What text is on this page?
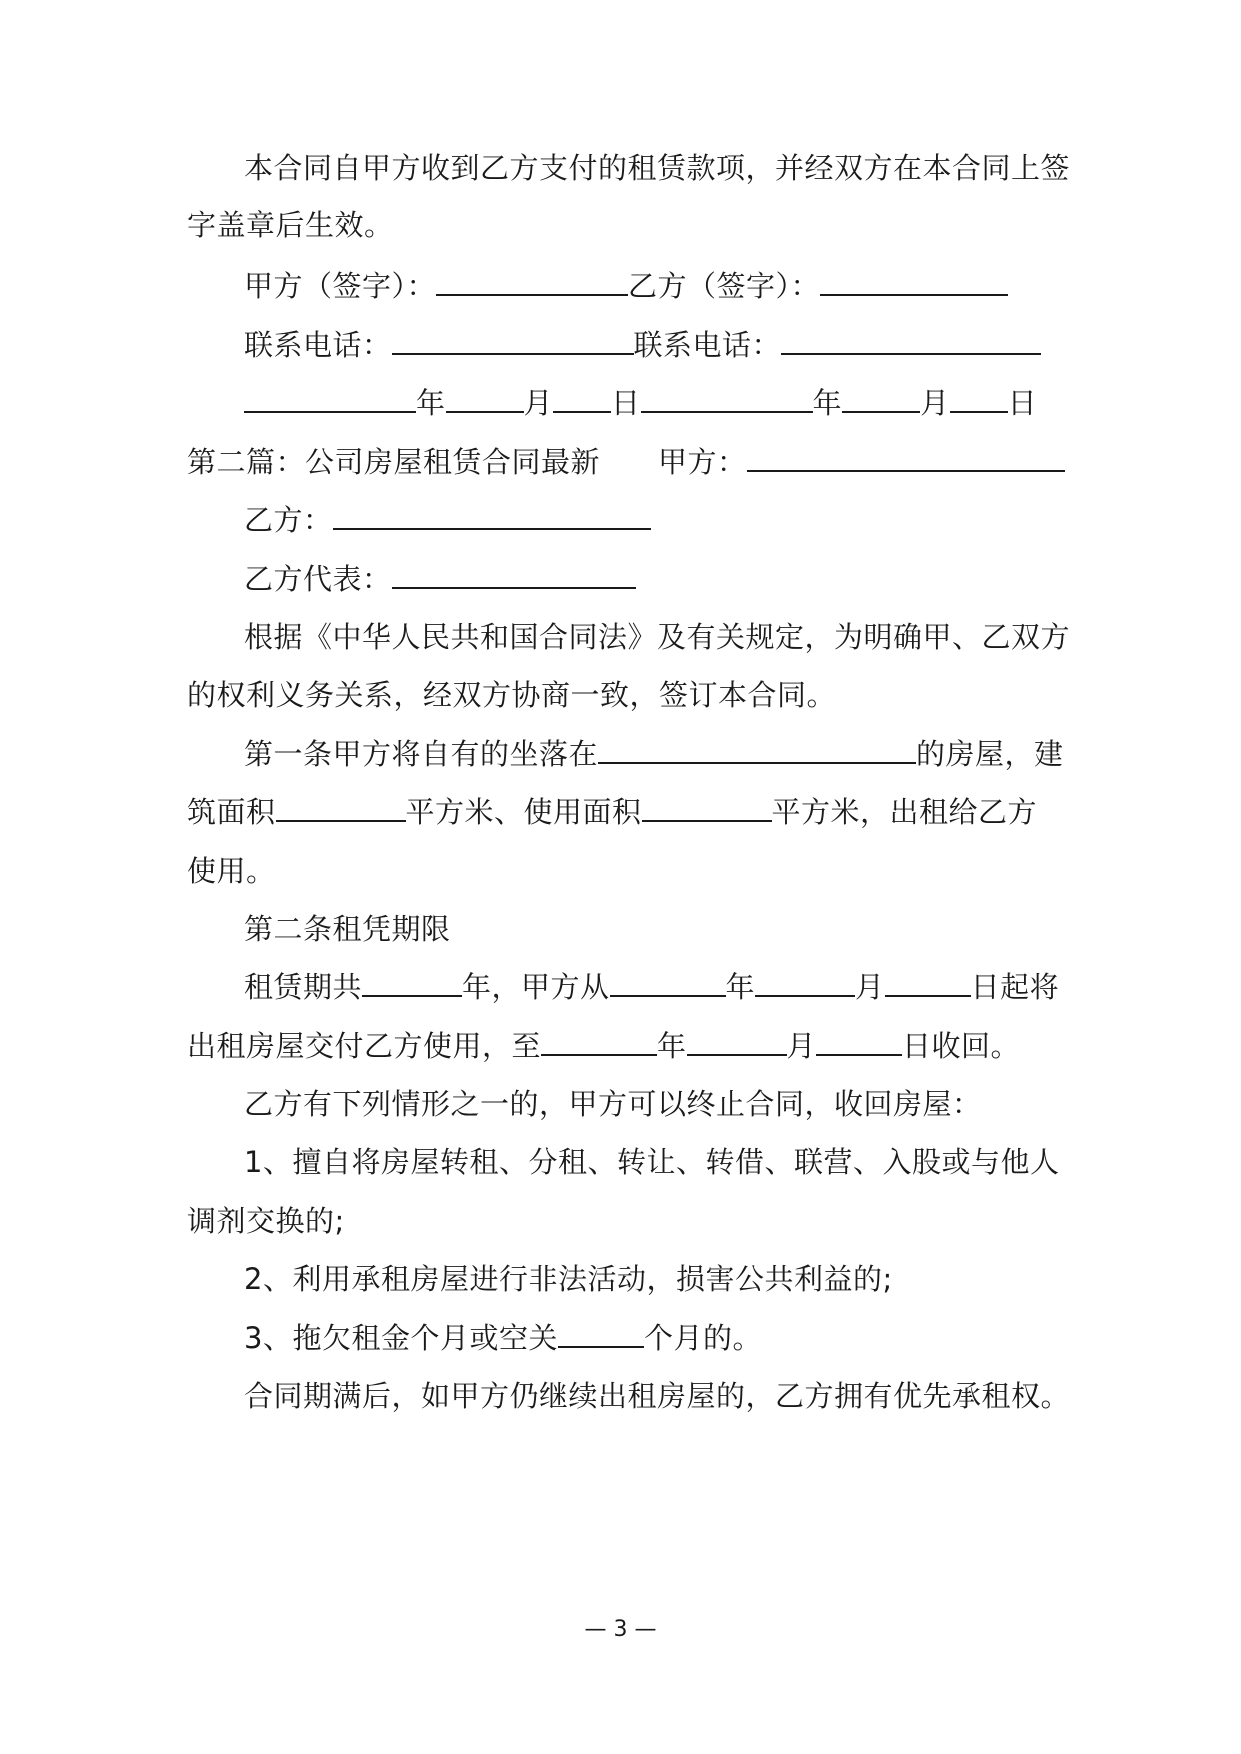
本合同自甲方收到乙方支付的租赁款项，并经双方在本合同上签
字盖章后生效。
甲方（签字）：	乙方（签字）：
联系电话：	联系电话：
年	月 日	年	月 日
第二篇：公司房屋租赁合同最新 甲方：
乙方：
乙方代表：
根据《中华人民共和国合同法》及有关规定，为明确甲、乙双方
的权利义务关系，经双方协商一致，签订本合同。
第一条甲方将自有的坐落在	的房屋，建
筑面积	平方米、使用面积	平方米，出租给乙方
使用。
第二条租凭期限
租赁期共	年，甲方从	年	月	日起将
出租房屋交付乙方使用，至	年	月	日收回。
乙方有下列情形之一的，甲方可以终止合同，收回房屋：
1、擅自将房屋转租、分租、转让、转借、联营、入股或与他人
调剂交换的;
2、利用承租房屋进行非法活动，损害公共利益的;
3、拖欠租金个月或空关	个月的。
合同期满后，如甲方仍继续出租房屋的，乙方拥有优先承租权。
— 3 —
